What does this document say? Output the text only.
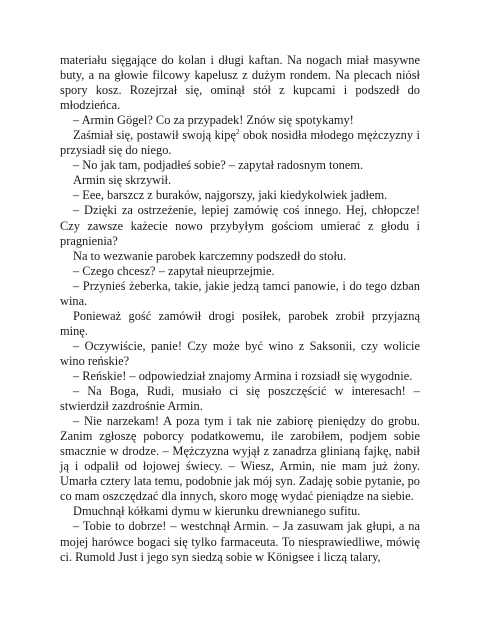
materiału sięgające do kolan i długi kaftan. Na nogach miał masywne buty, a na głowie filcowy kapelusz z dużym rondem. Na plecach niósł spory kosz. Rozejrzał się, ominął stół z kupcami i podszedł do młodzieńca.

– Armin Gögel? Co za przypadek! Znów się spotykamy!

Zaśmiał się, postawił swoją kipę$^2$ obok nosidła młodego mężczyzny i przysiadł się do niego.

– No jak tam, podjadłeś sobie? – zapytał radosnym tonem.

Armin się skrzywił.

– Eee, barszcz z buraków, najgorszy, jaki kiedykolwiek jadłem.

– Dzięki za ostrzeżenie, lepiej zamówię coś innego. Hej, chłopcze! Czy zawsze każecie nowo przybyłym gościom umierać z głodu i pragnienia?

Na to wezwanie parobek karczemny podszedł do stołu.

– Czego chcesz? – zapytał nieuprzejmie.

– Przynieś żeberka, takie, jakie jedzą tamci panowie, i do tego dzban wina.

Ponieważ gość zamówił drogi posiłek, parobek zrobił przyjazną minę.

– Oczywiście, panie! Czy może być wino z Saksonii, czy wolicie wino reńskie?

– Reńskie! – odpowiedział znajomy Armina i rozsiadł się wygodnie.

– Na Boga, Rudi, musiało ci się poszczęścić w interesach! – stwierdził zazdrośnie Armin.

– Nie narzekam! A poza tym i tak nie zabiorę pieniędzy do grobu. Zanim zgłoszę poborcy podatkowemu, ile zarobiłem, podjem sobie smacznie w drodze. – Mężczyzna wyjął z zanadrza glinianą fajkę, nabił ją i odpalił od łojowej świecy. – Wiesz, Armin, nie mam już żony. Umarła cztery lata temu, podobnie jak mój syn. Zadaję sobie pytanie, po co mam oszczędzać dla innych, skoro mogę wydać pieniądze na siebie.

Dmuchnął kółkami dymu w kierunku drewnianego sufitu.

– Tobie to dobrze! – westchnął Armin. – Ja zasuwam jak głupi, a na mojej harówce bogaci się tylko farmaceuta. To niesprawiedliwe, mówię ci. Rumold Just i jego syn siedzą sobie w Königsee i liczą talary,
